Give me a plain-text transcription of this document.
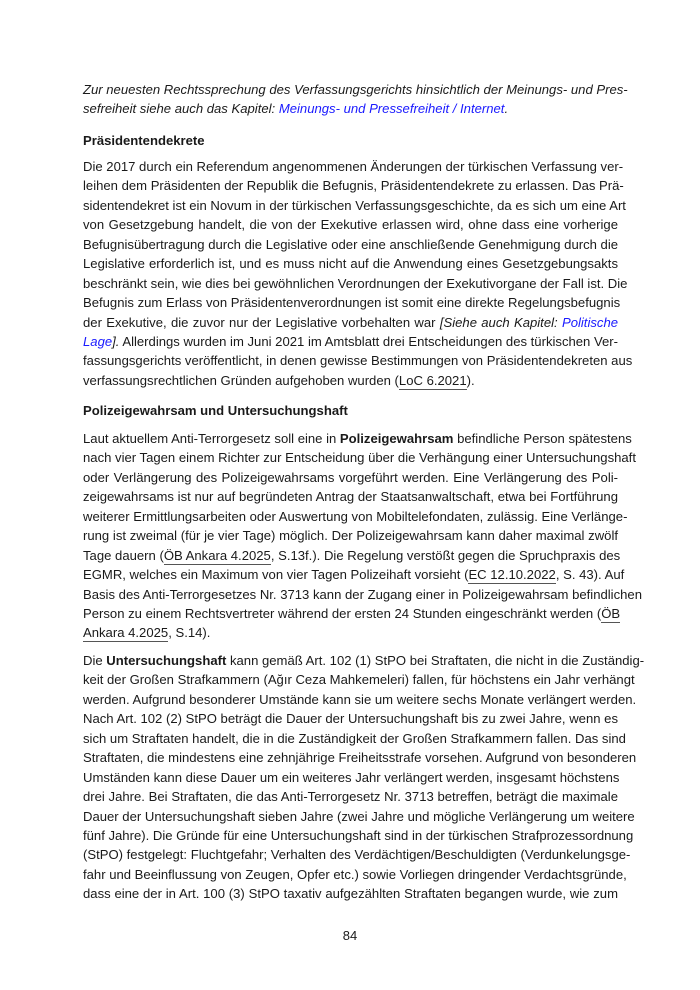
Zur neuesten Rechtssprechung des Verfassungsgerichts hinsichtlich der Meinungs- und Pres-
sefreiheit siehe auch das Kapitel: Meinungs- und Pressefreiheit / Internet.
Präsidentendekrete
Die 2017 durch ein Referendum angenommenen Änderungen der türkischen Verfassung ver-
leihen dem Präsidenten der Republik die Befugnis, Präsidentendekrete zu erlassen. Das Prä-
sidentendekret ist ein Novum in der türkischen Verfassungsgeschichte, da es sich um eine Art
von Gesetzgebung handelt, die von der Exekutive erlassen wird, ohne dass eine vorherige
Befugnisübertragung durch die Legislative oder eine anschließende Genehmigung durch die
Legislative erforderlich ist, und es muss nicht auf die Anwendung eines Gesetzgebungsakts
beschränkt sein, wie dies bei gewöhnlichen Verordnungen der Exekutivorgane der Fall ist. Die
Befugnis zum Erlass von Präsidentenverordnungen ist somit eine direkte Regelungsbefugnis
der Exekutive, die zuvor nur der Legislative vorbehalten war [Siehe auch Kapitel: Politische
Lage]. Allerdings wurden im Juni 2021 im Amtsblatt drei Entscheidungen des türkischen Ver-
fassungsgerichts veröffentlicht, in denen gewisse Bestimmungen von Präsidentendekreten aus
verfassungsrechtlichen Gründen aufgehoben wurden (LoC 6.2021).
Polizeigewahrsam und Untersuchungshaft
Laut aktuellem Anti-Terrorgesetz soll eine in Polizeigewahrsam befindliche Person spätestens
nach vier Tagen einem Richter zur Entscheidung über die Verhängung einer Untersuchungshaft
oder Verlängerung des Polizeigewahrsams vorgeführt werden. Eine Verlängerung des Poli-
zeigewahrsams ist nur auf begründeten Antrag der Staatsanwaltschaft, etwa bei Fortführung
weiterer Ermittlungsarbeiten oder Auswertung von Mobiltelefondaten, zulässig. Eine Verlänge-
rung ist zweimal (für je vier Tage) möglich. Der Polizeigewahrsam kann daher maximal zwölf
Tage dauern (ÖB Ankara 4.2025, S.13f.). Die Regelung verstößt gegen die Spruchpraxis des
EGMR, welches ein Maximum von vier Tagen Polizeihaft vorsieht (EC 12.10.2022, S. 43). Auf
Basis des Anti-Terrorgesetzes Nr. 3713 kann der Zugang einer in Polizeigewahrsam befindlichen
Person zu einem Rechtsvertreter während der ersten 24 Stunden eingeschränkt werden (ÖB
Ankara 4.2025, S.14).
Die Untersuchungshaft kann gemäß Art. 102 (1) StPO bei Straftaten, die nicht in die Zuständig-
keit der Großen Strafkammern (Ağır Ceza Mahkemeleri) fallen, für höchstens ein Jahr verhängt
werden. Aufgrund besonderer Umstände kann sie um weitere sechs Monate verlängert werden.
Nach Art. 102 (2) StPO beträgt die Dauer der Untersuchungshaft bis zu zwei Jahre, wenn es
sich um Straftaten handelt, die in die Zuständigkeit der Großen Strafkammern fallen. Das sind
Straftaten, die mindestens eine zehnjährige Freiheitsstrafe vorsehen. Aufgrund von besonderen
Umständen kann diese Dauer um ein weiteres Jahr verlängert werden, insgesamt höchstens
drei Jahre. Bei Straftaten, die das Anti-Terrorgesetz Nr. 3713 betreffen, beträgt die maximale
Dauer der Untersuchungshaft sieben Jahre (zwei Jahre und mögliche Verlängerung um weitere
fünf Jahre). Die Gründe für eine Untersuchungshaft sind in der türkischen Strafprozessordnung
(StPO) festgelegt: Fluchtgefahr; Verhalten des Verdächtigen/Beschuldigten (Verdunkelungsge-
fahr und Beeinflussung von Zeugen, Opfer etc.) sowie Vorliegen dringender Verdachtsgründe,
dass eine der in Art. 100 (3) StPO taxativ aufgezählten Straftaten begangen wurde, wie zum
84
